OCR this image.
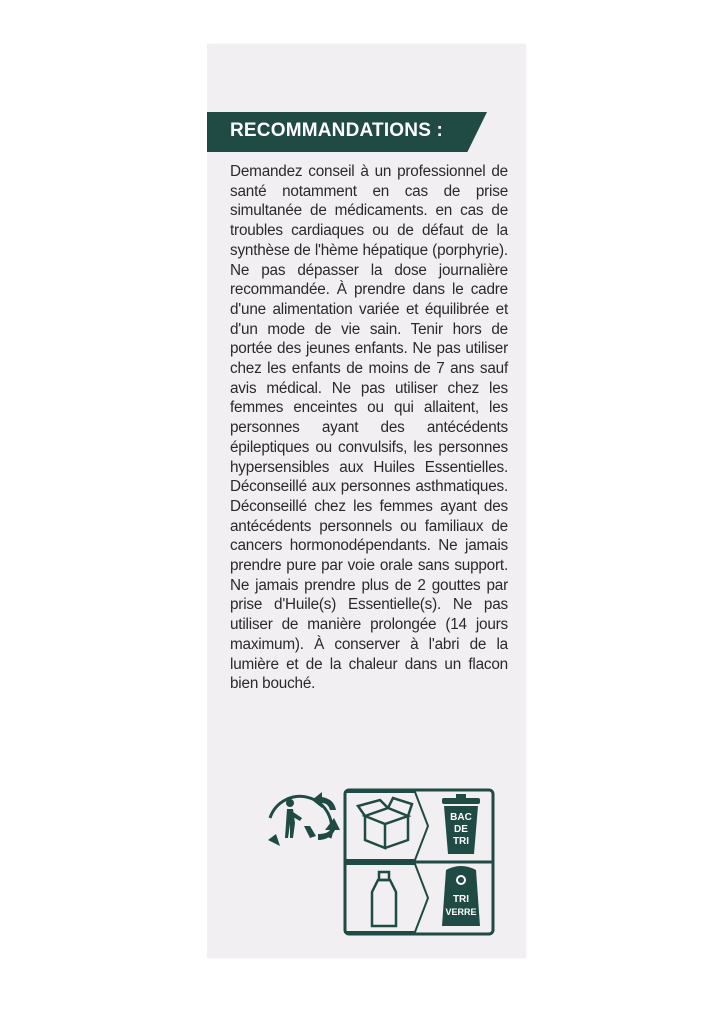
RECOMMANDATIONS :
Demandez conseil à un professionnel de santé notamment en cas de prise simultanée de médicaments. en cas de troubles cardiaques ou de défaut de la synthèse de l'hème hépatique (porphyrie). Ne pas dépasser la dose journalière recommandée. À prendre dans le cadre d'une alimentation variée et équilibrée et d'un mode de vie sain. Tenir hors de portée des jeunes enfants. Ne pas utiliser chez les enfants de moins de 7 ans sauf avis médical. Ne pas utiliser chez les femmes enceintes ou qui allaitent, les personnes ayant des antécédents épileptiques ou convulsifs, les personnes hypersensibles aux Huiles Essentielles. Déconseillé aux personnes asthmatiques. Déconseillé chez les femmes ayant des antécédents personnels ou familiaux de cancers hormonodépendants. Ne jamais prendre pure par voie orale sans support. Ne jamais prendre plus de 2 gouttes par prise d'Huile(s) Essentielle(s). Ne pas utiliser de manière prolongée (14 jours maximum). À conserver à l'abri de la lumière et de la chaleur dans un flacon bien bouché.
BAC
DE
TRI
TRI
VERRE
